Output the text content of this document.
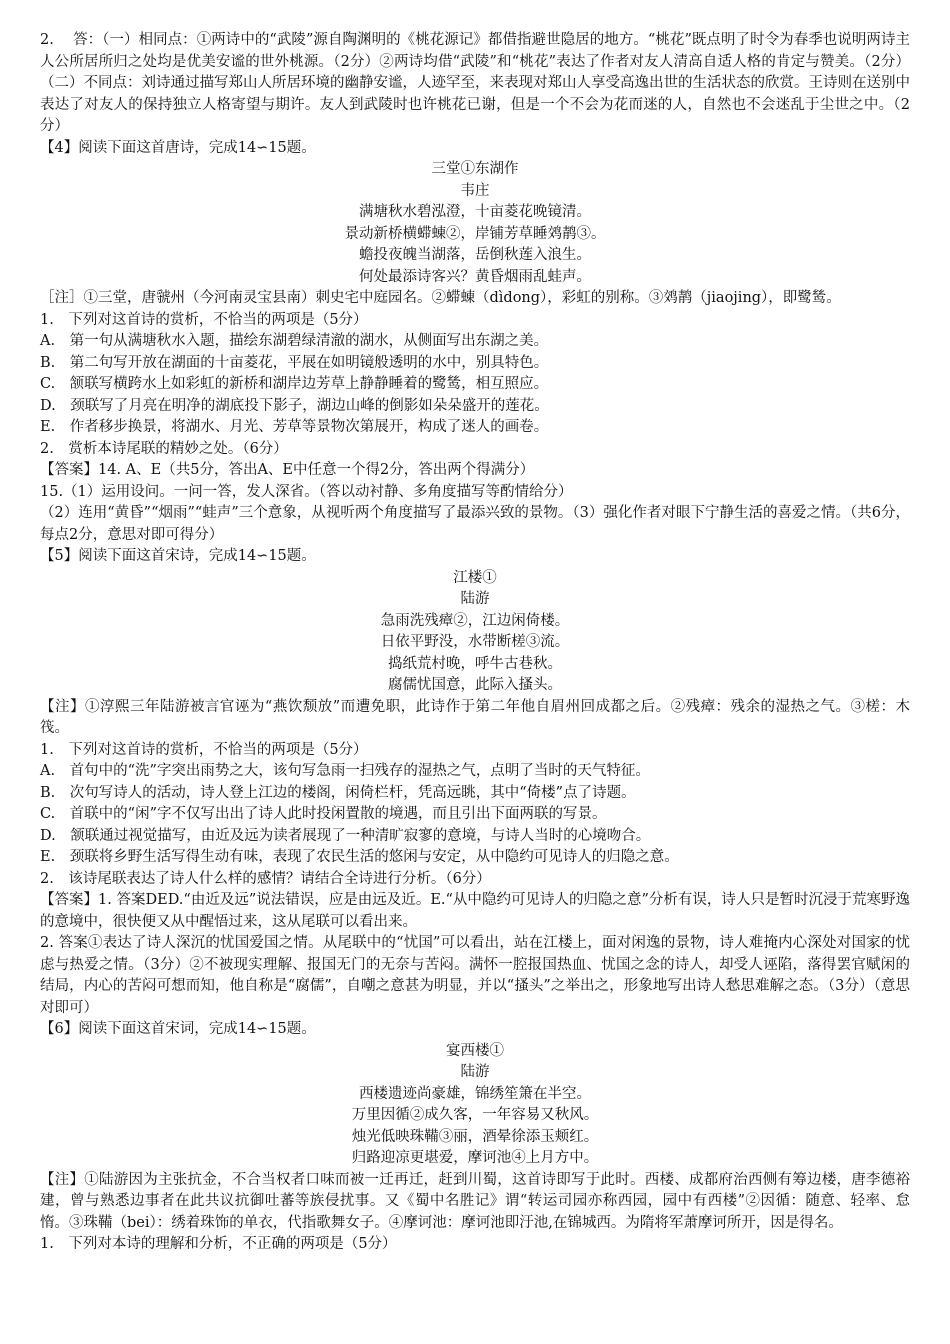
2.　 答：（一）相同点：①两诗中的“武陵”源自陶渊明的《桃花源记》都借指避世隐居的地方。“桃花”既点明了时令为春季也说明两诗主人公所居所归之处均是优美安谧的世外桃源。（2分）②两诗均借“武陵”和“桃花”表达了作者对友人清高自适人格的肯定与赞美。（2分）（二）不同点：刘诗通过描写郑山人所居环境的幽静安谧，人迹罕至，来表现对郑山人享受高逸出世的生活状态的欣赏。王诗则在送别中表达了对友人的保持独立人格寄望与期许。友人到武陵时也许桃花已谢，但是一个不会为花而迷的人，自然也不会迷乱于尘世之中。（2分）

【4】阅读下面这首唐诗，完成14∽15题。

三堂①东湖作

韦庄

满塘秋水碧泓澄，十亩菱花晚镜清。

景动新桥横䗖蝀②，岸铺芳草睡䴔䴖③。

蟾投夜魄当湖落，岳倒秋莲入浪生。

何处最添诗客兴？黄昏烟雨乱蛙声。

［注］①三堂，唐虢州（今河南灵宝县南）刺史宅中庭园名。②䗖蝀（dìdong），彩虹的别称。③䴔䴖（jiaojing），即鹭鸶。

1.　下列对这首诗的赏析，不恰当的两项是（5分）

A.　第一句从满塘秋水入题，描绘东湖碧绿清澈的湖水，从侧面写出东湖之美。

B.　第二句写开放在湖面的十亩菱花，平展在如明镜般透明的水中，别具特色。

C.　颔联写横跨水上如彩虹的新桥和湖岸边芳草上静静睡着的鹭鸶，相互照应。

D.　颈联写了月亮在明净的湖底投下影子，湖边山峰的倒影如朵朵盛开的莲花。

E.　作者移步换景，将湖水、月光、芳草等景物次第展开，构成了迷人的画卷。

2.　赏析本诗尾联的精妙之处。（6分）

【答案】14. A、E（共5分，答出A、E中任意一个得2分，答出两个得满分）

15.（1）运用设问。一问一答，发人深省。（答以动衬静、多角度描写等酌情给分）

（2）连用“黄昏”“烟雨”“蛙声”三个意象，从视听两个角度描写了最添兴致的景物。（3）强化作者对眼下宁静生活的喜爱之情。（共6分，每点2分，意思对即可得分）

【5】阅读下面这首宋诗，完成14∽15题。

江楼①

陆游

急雨洗残瘴②，江边闲倚楼。

日依平野没，水带断槎③流。

捣纸荒村晚，呼牛古巷秋。

腐儒忧国意，此际入搔头。

【注】①淳熙三年陆游被言官诬为“燕饮颓放”而遭免职，此诗作于第二年他自眉州回成都之后。②残瘴：残余的湿热之气。③槎：木筏。

1.　下列对这首诗的赏析，不恰当的两项是（5分）

A.　首句中的“洗”字突出雨势之大，该句写急雨一扫残存的湿热之气，点明了当时的天气特征。

B.　次句写诗人的活动，诗人登上江边的楼阁，闲倚栏杆，凭高远眺，其中“倚楼”点了诗题。

C.　首联中的“闲”字不仅写出出了诗人此时投闲置散的境遇，而且引出下面两联的写景。

D.　颔联通过视觉描写，由近及远为读者展现了一种清旷寂寥的意境，与诗人当时的心境吻合。

E.　颈联将乡野生活写得生动有味，表现了农民生活的悠闲与安定，从中隐约可见诗人的归隐之意。

2.　该诗尾联表达了诗人什么样的感情？请结合全诗进行分析。（6分）

【答案】1. 答案DED.“由近及远”说法错误，应是由远及近。E.“从中隐约可见诗人的归隐之意”分析有误，诗人只是暂时沉浸于荒寒野逸的意境中，很快便又从中醒悟过来，这从尾联可以看出来。

2. 答案①表达了诗人深沉的忧国爱国之情。从尾联中的“忧国”可以看出，站在江楼上，面对闲逸的景物，诗人难掩内心深处对国家的忧虑与热爱之情。（3分）②不被现实理解、报国无门的无奈与苦闷。满怀一腔报国热血、忧国之念的诗人，却受人诬陷，落得罢官赋闲的结局，内心的苦闷可想而知，他自称是“腐儒”，自嘲之意甚为明显，并以“搔头”之举出之，形象地写出诗人愁思难解之态。（3分）（意思对即可）

【6】阅读下面这首宋词，完成14∽15题。

宴西楼①

陆游

西楼遗迹尚豪雄，锦绣笙箫在半空。

万里因循②成久客，一年容易又秋风。

烛光低映珠鞴③丽，酒晕徐添玉颊红。

归路迎凉更堪爱，摩诃池④上月方中。

【注】①陆游因为主张抗金，不合当权者口味而被一迁再迁，赶到川蜀，这首诗即写于此时。西楼、成都府治西侧有筹边楼，唐李德裕建，曾与熟悉边事者在此共议抗御吐蕃等族侵扰事。又《蜀中名胜记》谓“转运司园亦称西园，园中有西楼”②因循：随意、轻率、怠惰。③珠鞴（bei）：绣着珠饰的单衣，代指歌舞女子。④摩诃池：摩诃池即汙池,在锦城西。为隋将军萧摩诃所开，因是得名。

1.　下列对本诗的理解和分析，不正确的两项是（5分）
